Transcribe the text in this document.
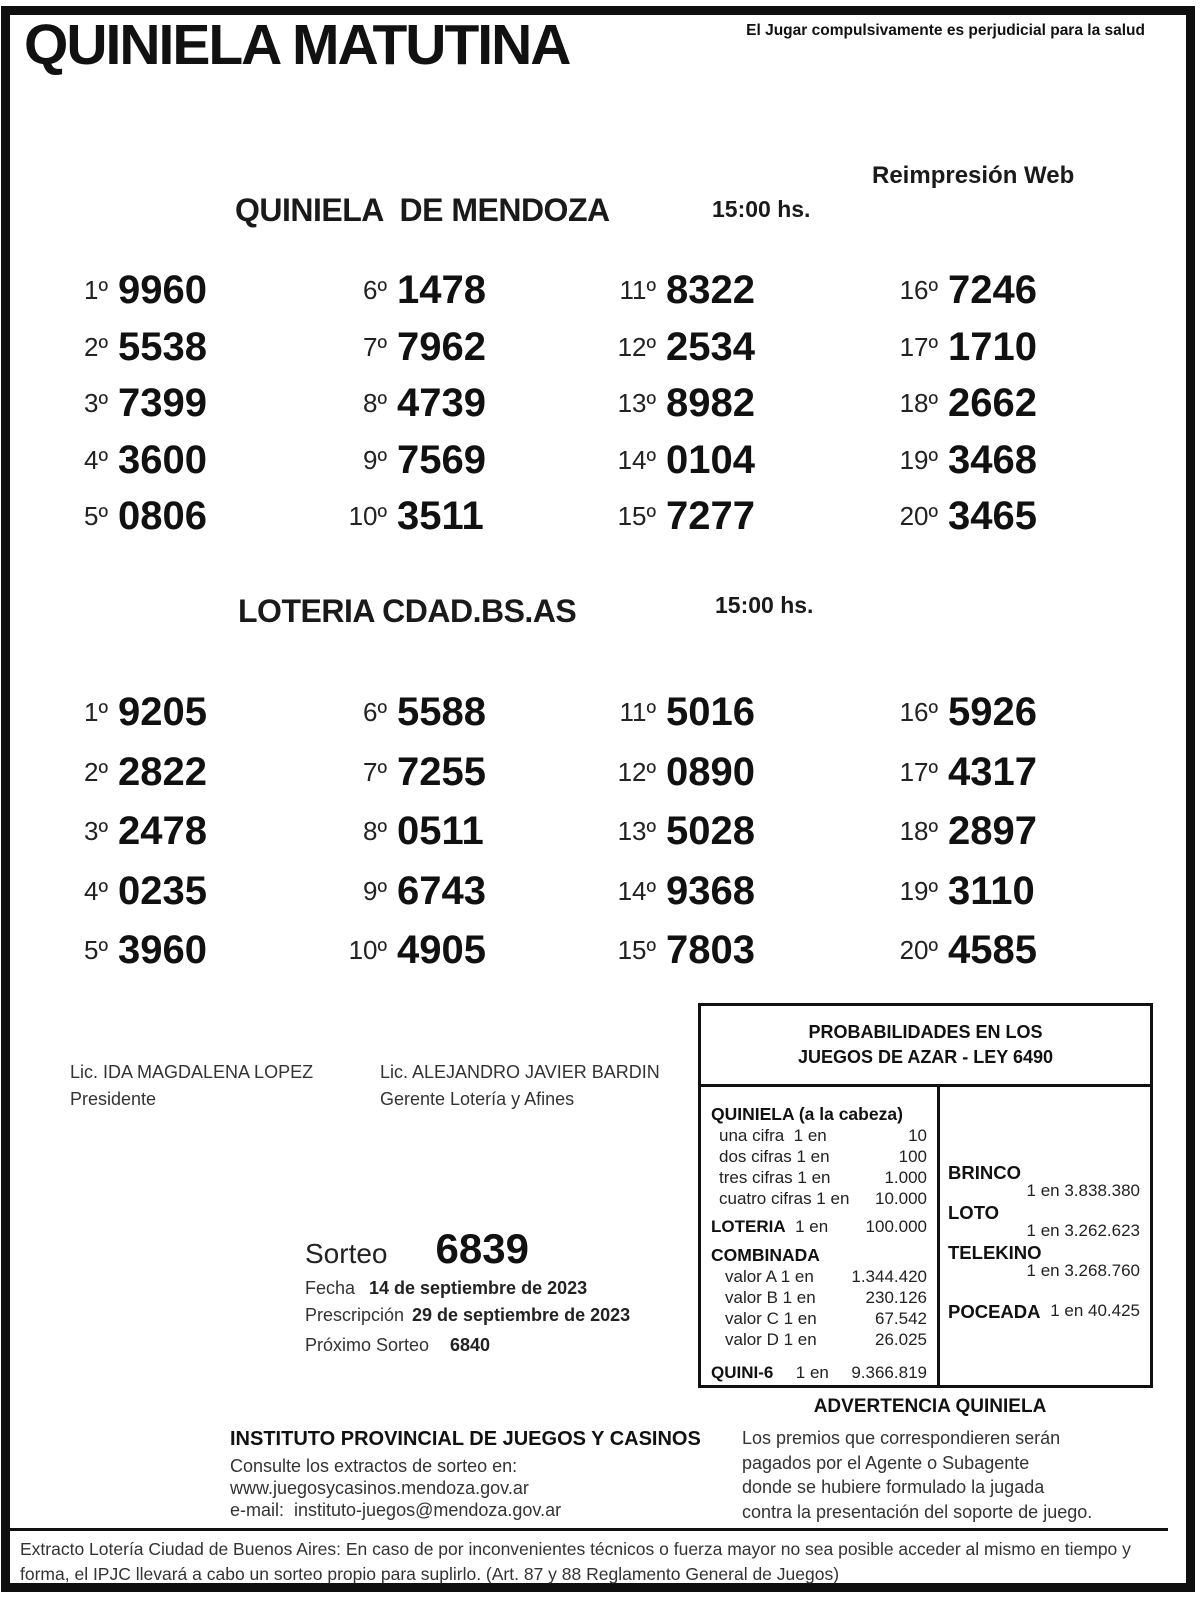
QUINIELA MATUTINA	El Jugar compulsivamente es perjudicial para la salud
Reimpresión Web
QUINIELA  DE MENDOZA	15:00 hs.
1º 9960
2º 5538
3º 7399
4º 3600
5º 0806
6º 1478
7º 7962
8º 4739
9º 7569
10º 3511
11º 8322
12º 2534
13º 8982
14º 0104
15º 7277
16º 7246
17º 1710
18º 2662
19º 3468
20º 3465
LOTERIA CDAD.BS.AS	15:00 hs.
1º 9205
2º 2822
3º 2478
4º 0235
5º 3960
6º 5588
7º 7255
8º 0511
9º 6743
10º 4905
11º 5016
12º 0890
13º 5028
14º 9368
15º 7803
16º 5926
17º 4317
18º 2897
19º 3110
20º 4585
Lic. IDA MAGDALENA LOPEZ
Presidente
Lic. ALEJANDRO JAVIER BARDIN
Gerente Lotería y Afines
Sorteo 6839
Fecha 14 de septiembre de 2023
Prescripción 29 de septiembre de 2023
Próximo Sorteo	6840
PROBABILIDADES EN LOS
JUEGOS DE AZAR - LEY 6490
QUINIELA (a la cabeza)
una cifra  1 en	10
dos cifras 1 en	100
tres cifras 1 en	1.000
cuatro cifras 1 en 10.000
LOTERIA 1 en 100.000
COMBINADA
valor A 1 en 1.344.420
valor B 1 en	230.126
valor C 1 en	67.542
valor D 1 en	26.025
QUINI-6 1 en 9.366.819
BRINCO
1 en 3.838.380
LOTO
1 en 3.262.623
TELEKINO
1 en 3.268.760
POCEADA 1 en 40.425
ADVERTENCIA QUINIELA
Los premios que correspondieren serán
pagados por el Agente o Subagente
donde se hubiere formulado la jugada
contra la presentación del soporte de juego.
INSTITUTO PROVINCIAL DE JUEGOS Y CASINOS
Consulte los extractos de sorteo en:
www.juegosycasinos.mendoza.gov.ar
e-mail:  instituto-juegos@mendoza.gov.ar
Extracto Lotería Ciudad de Buenos Aires: En caso de por inconvenientes técnicos o fuerza mayor no sea posible acceder al mismo en tiempo y
forma, el IPJC llevará a cabo un sorteo propio para suplirlo. (Art. 87 y 88 Reglamento General de Juegos)
